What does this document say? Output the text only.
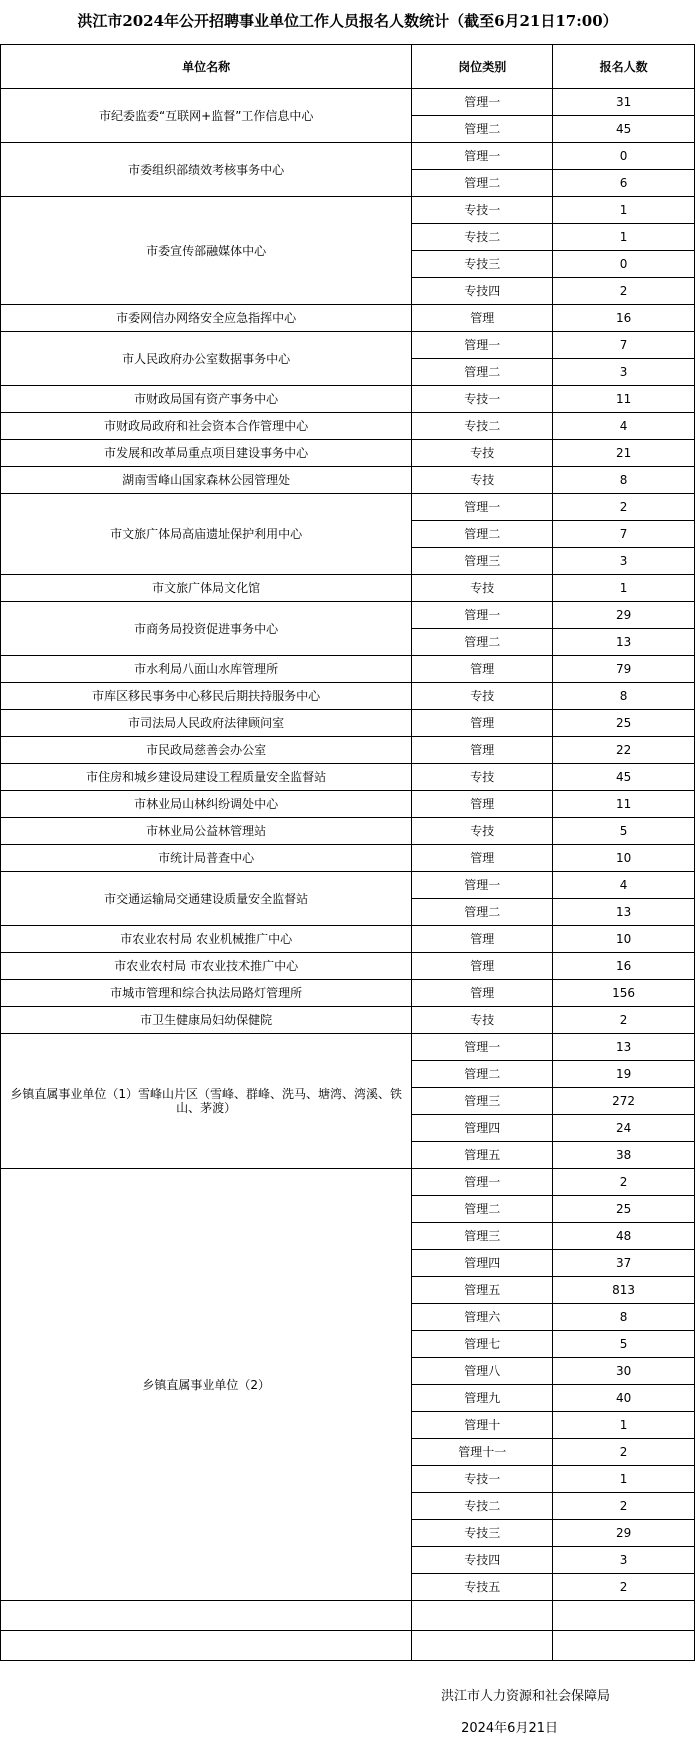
洪江市2024年公开招聘事业单位工作人员报名人数统计（截至6月21日17:00）
单位名称	岗位类别	报名人数
市纪委监委“互联网+监督”工作信息中心	管理一	31
	管理二	45
市委组织部绩效考核事务中心	管理一	0
	管理二	6
市委宣传部融媒体中心	专技一	1
	专技二	1
	专技三	0
	专技四	2
市委网信办网络安全应急指挥中心	管理	16
市人民政府办公室数据事务中心	管理一	7
	管理二	3
市财政局国有资产事务中心	专技一	11
市财政局政府和社会资本合作管理中心	专技二	4
市发展和改革局重点项目建设事务中心	专技	21
湖南雪峰山国家森林公园管理处	专技	8
市文旅广体局高庙遗址保护利用中心	管理一	2
	管理二	7
	管理三	3
市文旅广体局文化馆	专技	1
市商务局投资促进事务中心	管理一	29
	管理二	13
市水利局八面山水库管理所	管理	79
市库区移民事务中心移民后期扶持服务中心	专技	8
市司法局人民政府法律顾问室	管理	25
市民政局慈善会办公室	管理	22
市住房和城乡建设局建设工程质量安全监督站	专技	45
市林业局山林纠纷调处中心	管理	11
市林业局公益林管理站	专技	5
市统计局普查中心	管理	10
市交通运输局交通建设质量安全监督站	管理一	4
	管理二	13
市农业农村局 农业机械推广中心	管理	10
市农业农村局 市农业技术推广中心	管理	16
市城市管理和综合执法局路灯管理所	管理	156
市卫生健康局妇幼保健院	专技	2
乡镇直属事业单位（1）雪峰山片区（雪峰、群峰、洗马、塘湾、湾溪、铁山、茅渡）	管理一	13
	管理二	19
	管理三	272
	管理四	24
	管理五	38
乡镇直属事业单位（2）	管理一	2
	管理二	25
	管理三	48
	管理四	37
	管理五	813
	管理六	8
	管理七	5
	管理八	30
	管理九	40
	管理十	1
	管理十一	2
	专技一	1
	专技二	2
	专技三	29
	专技四	3
	专技五	2

洪江市人力资源和社会保障局
2024年6月21日
